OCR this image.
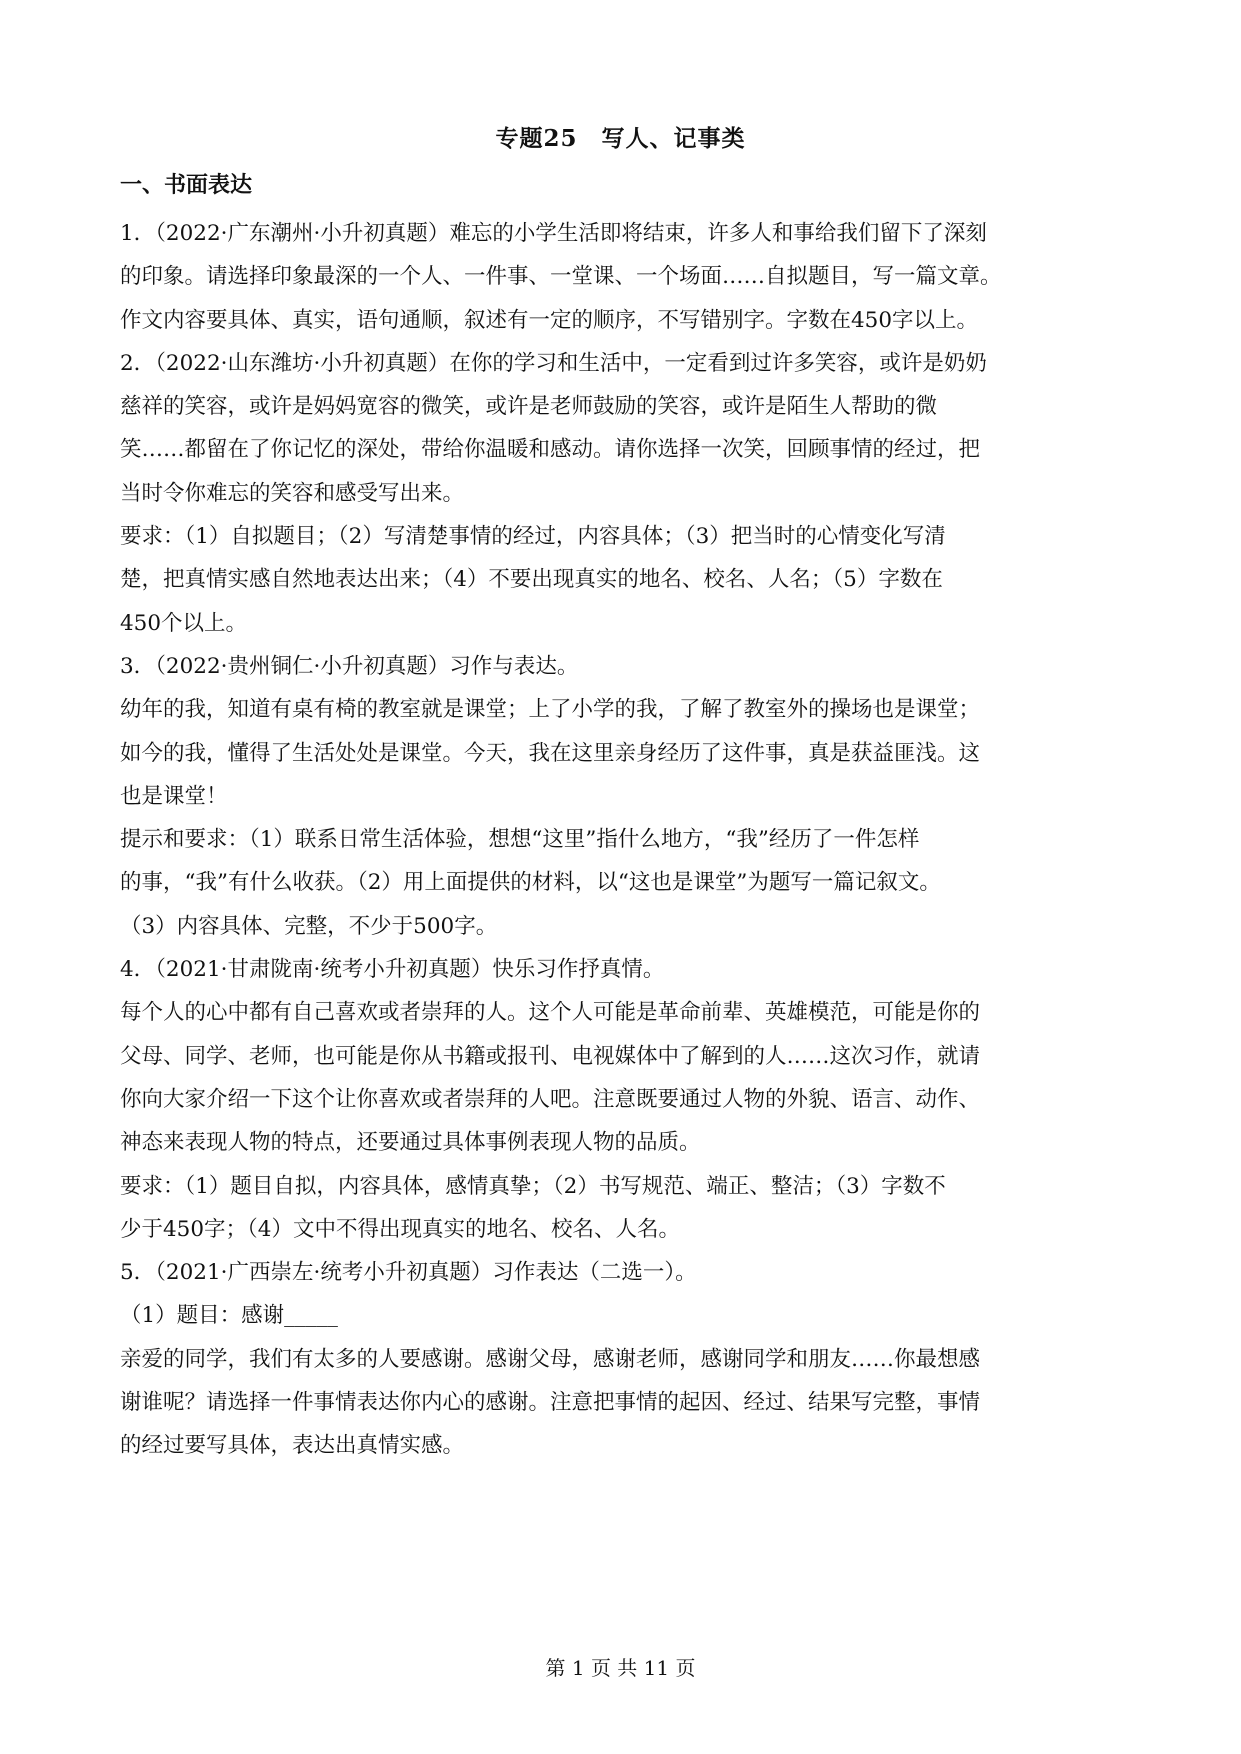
专题25　写人、记事类
一、书面表达
1．（2022·广东潮州·小升初真题）难忘的小学生活即将结束，许多人和事给我们留下了深刻
的印象。请选择印象最深的一个人、一件事、一堂课、一个场面……自拟题目，写一篇文章。
作文内容要具体、真实，语句通顺，叙述有一定的顺序，不写错别字。字数在450字以上。
2．（2022·山东潍坊·小升初真题）在你的学习和生活中，一定看到过许多笑容，或许是奶奶
慈祥的笑容，或许是妈妈宽容的微笑，或许是老师鼓励的笑容，或许是陌生人帮助的微
笑……都留在了你记忆的深处，带给你温暖和感动。请你选择一次笑，回顾事情的经过，把
当时令你难忘的笑容和感受写出来。
要求：（1）自拟题目；（2）写清楚事情的经过，内容具体；（3）把当时的心情变化写清
楚，把真情实感自然地表达出来；（4）不要出现真实的地名、校名、人名；（5）字数在
450个以上。
3．（2022·贵州铜仁·小升初真题）习作与表达。
幼年的我，知道有桌有椅的教室就是课堂；上了小学的我，了解了教室外的操场也是课堂；
如今的我，懂得了生活处处是课堂。今天，我在这里亲身经历了这件事，真是获益匪浅。这
也是课堂！
提示和要求：（1）联系日常生活体验，想想“这里”指什么地方，“我”经历了一件怎样
的事，“我”有什么收获。（2）用上面提供的材料，以“这也是课堂”为题写一篇记叙文。
（3）内容具体、完整，不少于500字。
4．（2021·甘肃陇南·统考小升初真题）快乐习作抒真情。
每个人的心中都有自己喜欢或者崇拜的人。这个人可能是革命前辈、英雄模范，可能是你的
父母、同学、老师，也可能是你从书籍或报刊、电视媒体中了解到的人……这次习作，就请
你向大家介绍一下这个让你喜欢或者崇拜的人吧。注意既要通过人物的外貌、语言、动作、
神态来表现人物的特点，还要通过具体事例表现人物的品质。
要求：（1）题目自拟，内容具体，感情真挚；（2）书写规范、端正、整洁；（3）字数不
少于450字；（4）文中不得出现真实的地名、校名、人名。
5．（2021·广西崇左·统考小升初真题）习作表达（二选一）。
（1）题目：感谢_____
亲爱的同学，我们有太多的人要感谢。感谢父母，感谢老师，感谢同学和朋友……你最想感
谢谁呢？请选择一件事情表达你内心的感谢。注意把事情的起因、经过、结果写完整，事情
的经过要写具体，表达出真情实感。
第 1 页 共 11 页
